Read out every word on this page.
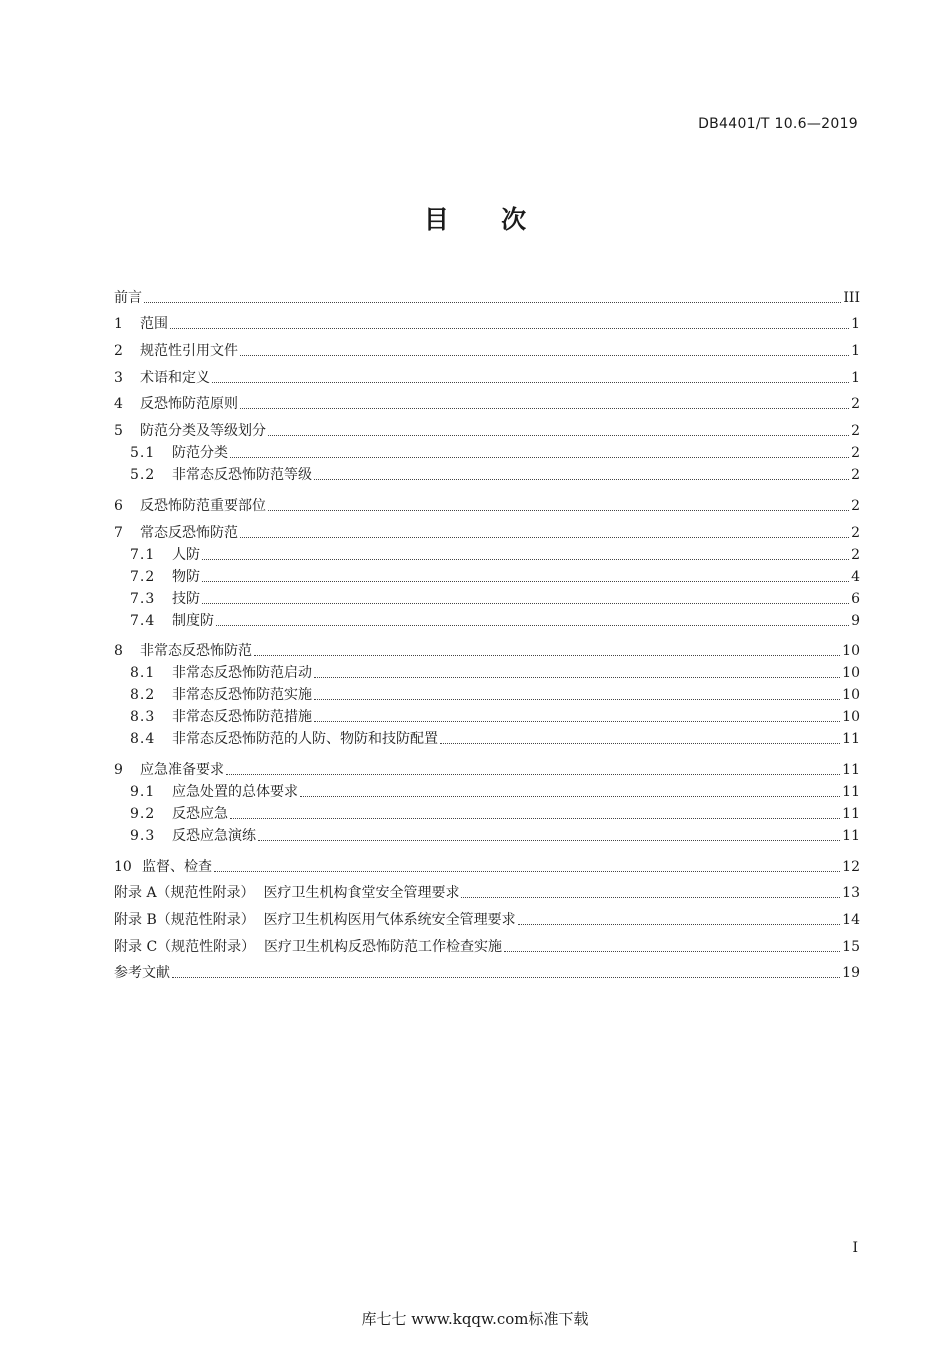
DB4401/T 10.6—2019
目      次
前言	III
1	范围	1
2	规范性引用文件	1
3	术语和定义	1
4	反恐怖防范原则	2
5	防范分类及等级划分	2
5.1	防范分类	2
5.2	非常态反恐怖防范等级	2
6	反恐怖防范重要部位	2
7	常态反恐怖防范	2
7.1	人防	2
7.2	物防	4
7.3	技防	6
7.4	制度防	9
8	非常态反恐怖防范	10
8.1	非常态反恐怖防范启动	10
8.2	非常态反恐怖防范实施	10
8.3	非常态反恐怖防范措施	10
8.4	非常态反恐怖防范的人防、物防和技防配置	11
9	应急准备要求	11
9.1	应急处置的总体要求	11
9.2	反恐应急	11
9.3	反恐应急演练	11
10 监督、检查	12
附录 A（规范性附录）  医疗卫生机构食堂安全管理要求	13
附录 B（规范性附录）  医疗卫生机构医用气体系统安全管理要求	14
附录 C（规范性附录）  医疗卫生机构反恐怖防范工作检查实施	15
参考文献	19
I
库七七 www.kqqw.com标准下载
